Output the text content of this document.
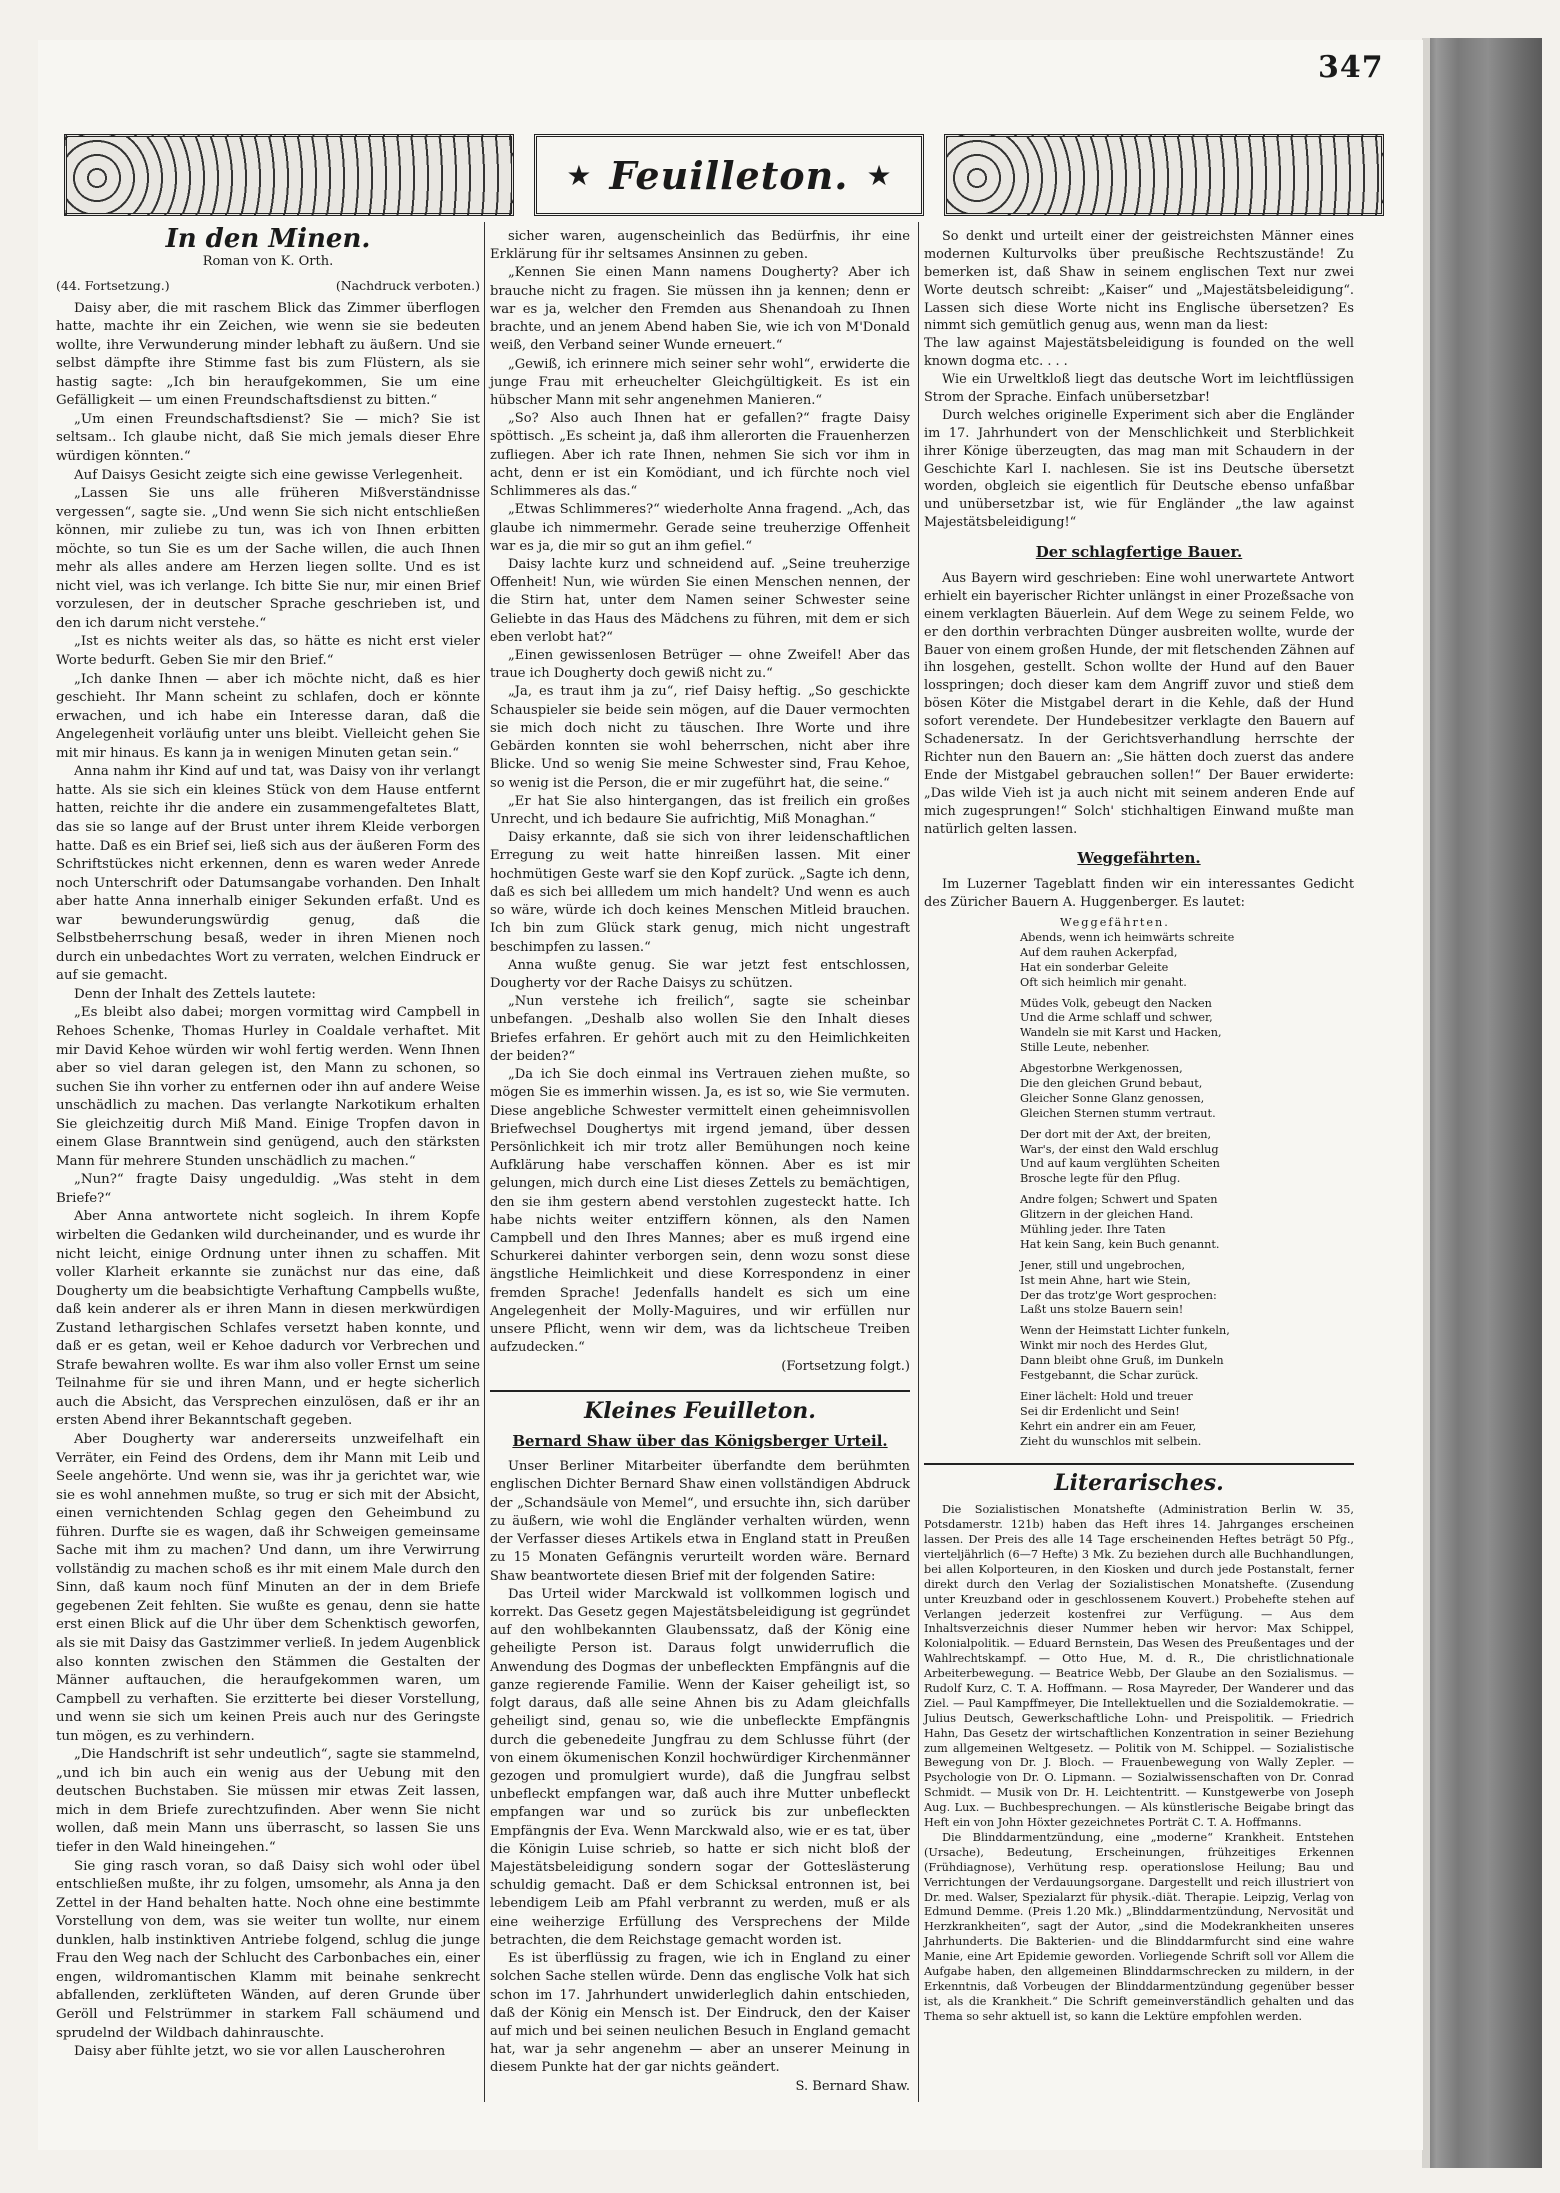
347
★ Feuilleton. ★
In den Minen.
Roman von K. Orth.
(44. Fortsetzung.)	(Nachdruck verboten.)

Daisy aber, die mit raschem Blick das Zimmer überflogen hatte, machte ihr ein Zeichen, wie wenn sie sie bedeuten wollte, ihre Verwunderung minder lebhaft zu äußern. Und sie selbst dämpfte ihre Stimme fast bis zum Flüstern, als sie hastig sagte: „Ich bin heraufgekommen, Sie um eine Gefälligkeit — um einen Freundschaftsdienst zu bitten.“

„Um einen Freundschaftsdienst? Sie — mich? Sie ist seltsam.. Ich glaube nicht, daß Sie mich jemals dieser Ehre würdigen könnten.“

Auf Daisys Gesicht zeigte sich eine gewisse Verlegenheit.

„Lassen Sie uns alle früheren Mißverständnisse vergessen“, sagte sie. „Und wenn Sie sich nicht entschließen können, mir zuliebe zu tun, was ich von Ihnen erbitten möchte, so tun Sie es um der Sache willen, die auch Ihnen mehr als alles andere am Herzen liegen sollte. Und es ist nicht viel, was ich verlange. Ich bitte Sie nur, mir einen Brief vorzulesen, der in deutscher Sprache geschrieben ist, und den ich darum nicht verstehe.“

„Ist es nichts weiter als das, so hätte es nicht erst vieler Worte bedurft. Geben Sie mir den Brief.“

„Ich danke Ihnen — aber ich möchte nicht, daß es hier geschieht. Ihr Mann scheint zu schlafen, doch er könnte erwachen, und ich habe ein Interesse daran, daß die Angelegenheit vorläufig unter uns bleibt. Vielleicht gehen Sie mit mir hinaus. Es kann ja in wenigen Minuten getan sein.“

Anna nahm ihr Kind auf und tat, was Daisy von ihr verlangt hatte. Als sie sich ein kleines Stück von dem Hause entfernt hatten, reichte ihr die andere ein zusammengefaltetes Blatt, das sie so lange auf der Brust unter ihrem Kleide verborgen hatte. Daß es ein Brief sei, ließ sich aus der äußeren Form des Schriftstückes nicht erkennen, denn es waren weder Anrede noch Unterschrift oder Datumsangabe vorhanden. Den Inhalt aber hatte Anna innerhalb einiger Sekunden erfaßt. Und es war bewunderungswürdig genug, daß die Selbstbeherrschung besaß, weder in ihren Mienen noch durch ein unbedachtes Wort zu verraten, welchen Eindruck er auf sie gemacht.

Denn der Inhalt des Zettels lautete:

„Es bleibt also dabei; morgen vormittag wird Campbell in Rehoes Schenke, Thomas Hurley in Coaldale verhaftet. Mit mir David Kehoe würden wir wohl fertig werden. Wenn Ihnen aber so viel daran gelegen ist, den Mann zu schonen, so suchen Sie ihn vorher zu entfernen oder ihn auf andere Weise unschädlich zu machen. Das verlangte Narkotikum erhalten Sie gleichzeitig durch Miß Mand. Einige Tropfen davon in einem Glase Branntwein sind genügend, auch den stärksten Mann für mehrere Stunden unschädlich zu machen.“

„Nun?“ fragte Daisy ungeduldig. „Was steht in dem Briefe?“

Aber Anna antwortete nicht sogleich. In ihrem Kopfe wirbelten die Gedanken wild durcheinander, und es wurde ihr nicht leicht, einige Ordnung unter ihnen zu schaffen. Mit voller Klarheit erkannte sie zunächst nur das eine, daß Dougherty um die beabsichtigte Verhaftung Campbells wußte, daß kein anderer als er ihren Mann in diesen merkwürdigen Zustand lethargischen Schlafes versetzt haben konnte, und daß er es getan, weil er Kehoe dadurch vor Verbrechen und Strafe bewahren wollte. Es war ihm also voller Ernst um seine Teilnahme für sie und ihren Mann, und er hegte sicherlich auch die Absicht, das Versprechen einzulösen, daß er ihr an ersten Abend ihrer Bekanntschaft gegeben.

Aber Dougherty war andererseits unzweifelhaft ein Verräter, ein Feind des Ordens, dem ihr Mann mit Leib und Seele angehörte. Und wenn sie, was ihr ja gerichtet war, wie sie es wohl annehmen mußte, so trug er sich mit der Absicht, einen vernichtenden Schlag gegen den Geheimbund zu führen. Durfte sie es wagen, daß ihr Schweigen gemeinsame Sache mit ihm zu machen? Und dann, um ihre Verwirrung vollständig zu machen schoß es ihr mit einem Male durch den Sinn, daß kaum noch fünf Minuten an der in dem Briefe gegebenen Zeit fehlten. Sie wußte es genau, denn sie hatte erst einen Blick auf die Uhr über dem Schenktisch geworfen, als sie mit Daisy das Gastzimmer verließ. In jedem Augenblick also konnten zwischen den Stämmen die Gestalten der Männer auftauchen, die heraufgekommen waren, um Campbell zu verhaften. Sie erzitterte bei dieser Vorstellung, und wenn sie sich um keinen Preis auch nur des Geringste tun mögen, es zu verhindern.

„Die Handschrift ist sehr undeutlich“, sagte sie stammelnd, „und ich bin auch ein wenig aus der Uebung mit den deutschen Buchstaben. Sie müssen mir etwas Zeit lassen, mich in dem Briefe zurechtzufinden. Aber wenn Sie nicht wollen, daß mein Mann uns überrascht, so lassen Sie uns tiefer in den Wald hineingehen.“

Sie ging rasch voran, so daß Daisy sich wohl oder übel entschließen mußte, ihr zu folgen, umsomehr, als Anna ja den Zettel in der Hand behalten hatte. Noch ohne eine bestimmte Vorstellung von dem, was sie weiter tun wollte, nur einem dunklen, halb instinktiven Antriebe folgend, schlug die junge Frau den Weg nach der Schlucht des Carbonbaches ein, einer engen, wildromantischen Klamm mit beinahe senkrecht abfallenden, zerklüfteten Wänden, auf deren Grunde über Geröll und Felstrümmer in starkem Fall schäumend und sprudelnd der Wildbach dahinrauschte.

Daisy aber fühlte jetzt, wo sie vor allen Lauscherohren

sicher waren, augenscheinlich das Bedürfnis, ihr eine Erklärung für ihr seltsames Ansinnen zu geben.

„Kennen Sie einen Mann namens Dougherty? Aber ich brauche nicht zu fragen. Sie müssen ihn ja kennen; denn er war es ja, welcher den Fremden aus Shenandoah zu Ihnen brachte, und an jenem Abend haben Sie, wie ich von M'Donald weiß, den Verband seiner Wunde erneuert.“

„Gewiß, ich erinnere mich seiner sehr wohl“, erwiderte die junge Frau mit erheuchelter Gleichgültigkeit. Es ist ein hübscher Mann mit sehr angenehmen Manieren.“

„So? Also auch Ihnen hat er gefallen?“ fragte Daisy spöttisch. „Es scheint ja, daß ihm allerorten die Frauenherzen zufliegen. Aber ich rate Ihnen, nehmen Sie sich vor ihm in acht, denn er ist ein Komödiant, und ich fürchte noch viel Schlimmeres als das.“

„Etwas Schlimmeres?“ wiederholte Anna fragend. „Ach, das glaube ich nimmermehr. Gerade seine treuherzige Offenheit war es ja, die mir so gut an ihm gefiel.“

Daisy lachte kurz und schneidend auf. „Seine treuherzige Offenheit! Nun, wie würden Sie einen Menschen nennen, der die Stirn hat, unter dem Namen seiner Schwester seine Geliebte in das Haus des Mädchens zu führen, mit dem er sich eben verlobt hat?“

„Einen gewissenlosen Betrüger — ohne Zweifel! Aber das traue ich Dougherty doch gewiß nicht zu.“

„Ja, es traut ihm ja zu“, rief Daisy heftig. „So geschickte Schauspieler sie beide sein mögen, auf die Dauer vermochten sie mich doch nicht zu täuschen. Ihre Worte und ihre Gebärden konnten sie wohl beherrschen, nicht aber ihre Blicke. Und so wenig Sie meine Schwester sind, Frau Kehoe, so wenig ist die Person, die er mir zugeführt hat, die seine.“

„Er hat Sie also hintergangen, das ist freilich ein großes Unrecht, und ich bedaure Sie aufrichtig, Miß Monaghan.“

Daisy erkannte, daß sie sich von ihrer leidenschaftlichen Erregung zu weit hatte hinreißen lassen. Mit einer hochmütigen Geste warf sie den Kopf zurück. „Sagte ich denn, daß es sich bei allledem um mich handelt? Und wenn es auch so wäre, würde ich doch keines Menschen Mitleid brauchen. Ich bin zum Glück stark genug, mich nicht ungestraft beschimpfen zu lassen.“

Anna wußte genug. Sie war jetzt fest entschlossen, Dougherty vor der Rache Daisys zu schützen.

„Nun verstehe ich freilich“, sagte sie scheinbar unbefangen. „Deshalb also wollen Sie den Inhalt dieses Briefes erfahren. Er gehört auch mit zu den Heimlichkeiten der beiden?“

„Da ich Sie doch einmal ins Vertrauen ziehen mußte, so mögen Sie es immerhin wissen. Ja, es ist so, wie Sie vermuten. Diese angebliche Schwester vermittelt einen geheimnisvollen Briefwechsel Doughertys mit irgend jemand, über dessen Persönlichkeit ich mir trotz aller Bemühungen noch keine Aufklärung habe verschaffen können. Aber es ist mir gelungen, mich durch eine List dieses Zettels zu bemächtigen, den sie ihm gestern abend verstohlen zugesteckt hatte. Ich habe nichts weiter entziffern können, als den Namen Campbell und den Ihres Mannes; aber es muß irgend eine Schurkerei dahinter verborgen sein, denn wozu sonst diese ängstliche Heimlichkeit und diese Korrespondenz in einer fremden Sprache! Jedenfalls handelt es sich um eine Angelegenheit der Molly-Maguires, und wir erfüllen nur unsere Pflicht, wenn wir dem, was da lichtscheue Treiben aufzudecken.“

(Fortsetzung folgt.)

Kleines Feuilleton.
Bernard Shaw über das Königsberger Urteil.

Unser Berliner Mitarbeiter überfandte dem berühmten englischen Dichter Bernard Shaw einen vollständigen Abdruck der „Schandsäule von Memel“, und ersuchte ihn, sich darüber zu äußern, wie wohl die Engländer verhalten würden, wenn der Verfasser dieses Artikels etwa in England statt in Preußen zu 15 Monaten Gefängnis verurteilt worden wäre. Bernard Shaw beantwortete diesen Brief mit der folgenden Satire:

Das Urteil wider Marckwald ist vollkommen logisch und korrekt. Das Gesetz gegen Majestätsbeleidigung ist gegründet auf den wohlbekannten Glaubenssatz, daß der König eine geheiligte Person ist. Daraus folgt unwiderruflich die Anwendung des Dogmas der unbefleckten Empfängnis auf die ganze regierende Familie. Wenn der Kaiser geheiligt ist, so folgt daraus, daß alle seine Ahnen bis zu Adam gleichfalls geheiligt sind, genau so, wie die unbefleckte Empfängnis durch die gebenedeite Jungfrau zu dem Schlusse führt (der von einem ökumenischen Konzil hochwürdiger Kirchenmänner gezogen und promulgiert wurde), daß die Jungfrau selbst unbefleckt empfangen war, daß auch ihre Mutter unbefleckt empfangen war und so zurück bis zur unbefleckten Empfängnis der Eva. Wenn Marckwald also, wie er es tat, über die Königin Luise schrieb, so hatte er sich nicht bloß der Majestätsbeleidigung sondern sogar der Gotteslästerung schuldig gemacht. Daß er dem Schicksal entronnen ist, bei lebendigem Leib am Pfahl verbrannt zu werden, muß er als eine weiherzige Erfüllung des Versprechens der Milde betrachten, die dem Reichstage gemacht worden ist.

Es ist überflüssig zu fragen, wie ich in England zu einer solchen Sache stellen würde. Denn das englische Volk hat sich schon im 17. Jahrhundert unwiderleglich dahin entschieden, daß der König ein Mensch ist. Der Eindruck, den der Kaiser auf mich und bei seinen neulichen Besuch in England gemacht hat, war ja sehr angenehm — aber an unserer Meinung in diesem Punkte hat der gar nichts geändert.

S. Bernard Shaw.

So denkt und urteilt einer der geistreichsten Männer eines modernen Kulturvolks über preußische Rechtszustände! Zu bemerken ist, daß Shaw in seinem englischen Text nur zwei Worte deutsch schreibt: „Kaiser“ und „Majestätsbeleidigung“. Lassen sich diese Worte nicht ins Englische übersetzen? Es nimmt sich gemütlich genug aus, wenn man da liest:

The law against Majestätsbeleidigung is founded on the well known dogma etc. . . .

Wie ein Urweltkloß liegt das deutsche Wort im leichtflüssigen Strom der Sprache. Einfach unübersetzbar!

Durch welches originelle Experiment sich aber die Engländer im 17. Jahrhundert von der Menschlichkeit und Sterblichkeit ihrer Könige überzeugten, das mag man mit Schaudern in der Geschichte Karl I. nachlesen. Sie ist ins Deutsche übersetzt worden, obgleich sie eigentlich für Deutsche ebenso unfaßbar und unübersetzbar ist, wie für Engländer „the law against Majestätsbeleidigung!“

Der schlagfertige Bauer.

Aus Bayern wird geschrieben: Eine wohl unerwartete Antwort erhielt ein bayerischer Richter unlängst in einer Prozeßsache von einem verklagten Bäuerlein. Auf dem Wege zu seinem Felde, wo er den dorthin verbrachten Dünger ausbreiten wollte, wurde der Bauer von einem großen Hunde, der mit fletschenden Zähnen auf ihn losgehen, gestellt. Schon wollte der Hund auf den Bauer losspringen; doch dieser kam dem Angriff zuvor und stieß dem bösen Köter die Mistgabel derart in die Kehle, daß der Hund sofort verendete. Der Hundebesitzer verklagte den Bauern auf Schadenersatz. In der Gerichtsverhandlung herrschte der Richter nun den Bauern an: „Sie hätten doch zuerst das andere Ende der Mistgabel gebrauchen sollen!“ Der Bauer erwiderte: „Das wilde Vieh ist ja auch nicht mit seinem anderen Ende auf mich zugesprungen!“ Solch' stichhaltigen Einwand mußte man natürlich gelten lassen.

Weggefährten.

Im Luzerner Tageblatt finden wir ein interessantes Gedicht des Züricher Bauern A. Huggenberger. Es lautet:

Weggefährten.
Abends, wenn ich heimwärts schreite
Auf dem rauhen Ackerpfad,
Hat ein sonderbar Geleite
Oft sich heimlich mir genaht.
Müdes Volk, gebeugt den Nacken
Und die Arme schlaff und schwer,
Wandeln sie mit Karst und Hacken,
Stille Leute, nebenher.
Abgestorbne Werkgenossen,
Die den gleichen Grund bebaut,
Gleicher Sonne Glanz genossen,
Gleichen Sternen stumm vertraut.
Der dort mit der Axt, der breiten,
War's, der einst den Wald erschlug
Und auf kaum verglühten Scheiten
Brosche legte für den Pflug.
Andre folgen; Schwert und Spaten
Glitzern in der gleichen Hand.
Mühling jeder. Ihre Taten
Hat kein Sang, kein Buch genannt.
Jener, still und ungebrochen,
Ist mein Ahne, hart wie Stein,
Der das trotz'ge Wort gesprochen:
Laßt uns stolze Bauern sein!
Wenn der Heimstatt Lichter funkeln,
Winkt mir noch des Herdes Glut,
Dann bleibt ohne Gruß, im Dunkeln
Festgebannt, die Schar zurück.
Einer lächelt: Hold und treuer
Sei dir Erdenlicht und Sein!
Kehrt ein andrer ein am Feuer,
Zieht du wunschlos mit selbein.
Literarisches.

Die Sozialistischen Monatshefte (Administration Berlin W. 35, Potsdamerstr. 121b) haben das Heft ihres 14. Jahrganges erscheinen lassen. Der Preis des alle 14 Tage erscheinenden Heftes beträgt 50 Pfg., vierteljährlich (6—7 Hefte) 3 Mk. Zu beziehen durch alle Buchhandlungen, bei allen Kolporteuren, in den Kiosken und durch jede Postanstalt, ferner direkt durch den Verlag der Sozialistischen Monatshefte. (Zusendung unter Kreuzband oder in geschlossenem Kouvert.) Probehefte stehen auf Verlangen jederzeit kostenfrei zur Verfügung. — Aus dem Inhaltsverzeichnis dieser Nummer heben wir hervor: Max Schippel, Kolonialpolitik. — Eduard Bernstein, Das Wesen des Preußentages und der Wahlrechtskampf. — Otto Hue, M. d. R., Die christlichnationale Arbeiterbewegung. — Beatrice Webb, Der Glaube an den Sozialismus. — Rudolf Kurz, C. T. A. Hoffmann. — Rosa Mayreder, Der Wanderer und das Ziel. — Paul Kampffmeyer, Die Intellektuellen und die Sozialdemokratie. — Julius Deutsch, Gewerkschaftliche Lohn- und Preispolitik. — Friedrich Hahn, Das Gesetz der wirtschaftlichen Konzentration in seiner Beziehung zum allgemeinen Weltgesetz. — Politik von M. Schippel. — Sozialistische Bewegung von Dr. J. Bloch. — Frauenbewegung von Wally Zepler. — Psychologie von Dr. O. Lipmann. — Sozialwissenschaften von Dr. Conrad Schmidt. — Musik von Dr. H. Leichtentritt. — Kunstgewerbe von Joseph Aug. Lux. — Buchbesprechungen. — Als künstlerische Beigabe bringt das Heft ein von John Höxter gezeichnetes Porträt C. T. A. Hoffmanns.

Die Blinddarmentzündung, eine „moderne“ Krankheit. Entstehen (Ursache), Bedeutung, Erscheinungen, frühzeitiges Erkennen (Frühdiagnose), Verhütung resp. operationslose Heilung; Bau und Verrichtungen der Verdauungsorgane. Dargestellt und reich illustriert von Dr. med. Walser, Spezialarzt für physik.-diät. Therapie. Leipzig, Verlag von Edmund Demme. (Preis 1.20 Mk.) „Blinddarmentzündung, Nervosität und Herzkrankheiten“, sagt der Autor, „sind die Modekrankheiten unseres Jahrhunderts. Die Bakterien- und die Blinddarmfurcht sind eine wahre Manie, eine Art Epidemie geworden. Vorliegende Schrift soll vor Allem die Aufgabe haben, den allgemeinen Blinddarmschrecken zu mildern, in der Erkenntnis, daß Vorbeugen der Blinddarmentzündung gegenüber besser ist, als die Krankheit.“ Die Schrift gemeinverständlich gehalten und das Thema so sehr aktuell ist, so kann die Lektüre empfohlen werden.
